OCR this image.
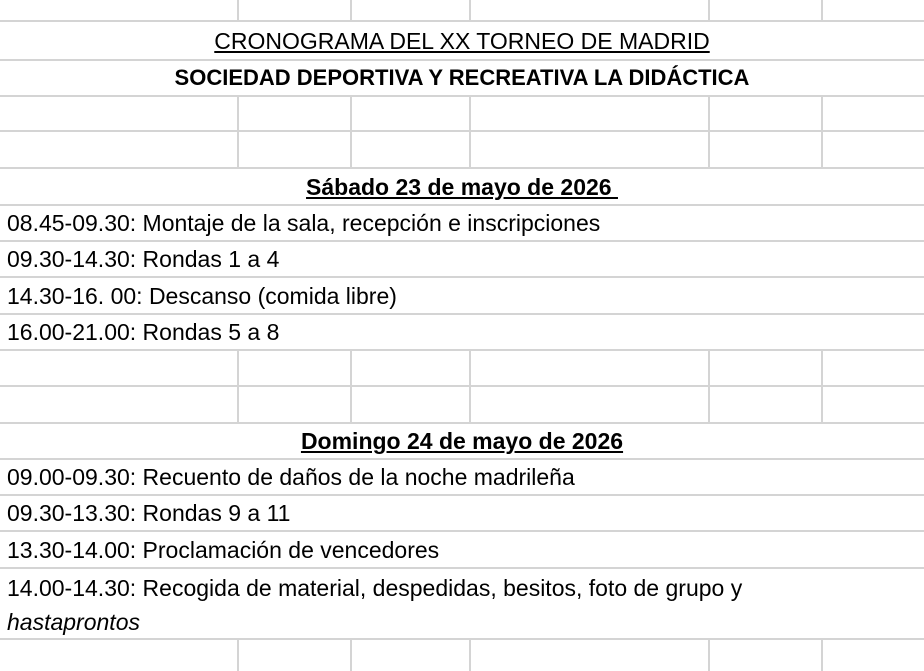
CRONOGRAMA DEL XX TORNEO DE MADRID
SOCIEDAD DEPORTIVA Y RECREATIVA LA DIDÁCTICA
Sábado 23 de mayo de 2026
08.45-09.30: Montaje de la sala, recepción e inscripciones
09.30-14.30: Rondas 1 a 4
14.30-16. 00: Descanso (comida libre)
16.00-21.00: Rondas 5 a 8
Domingo 24 de mayo de 2026
09.00-09.30: Recuento de daños de la noche madrileña
09.30-13.30: Rondas 9 a 11
13.30-14.00: Proclamación de vencedores
14.00-14.30: Recogida de material, despedidas, besitos, foto de grupo y
hastaprontos
